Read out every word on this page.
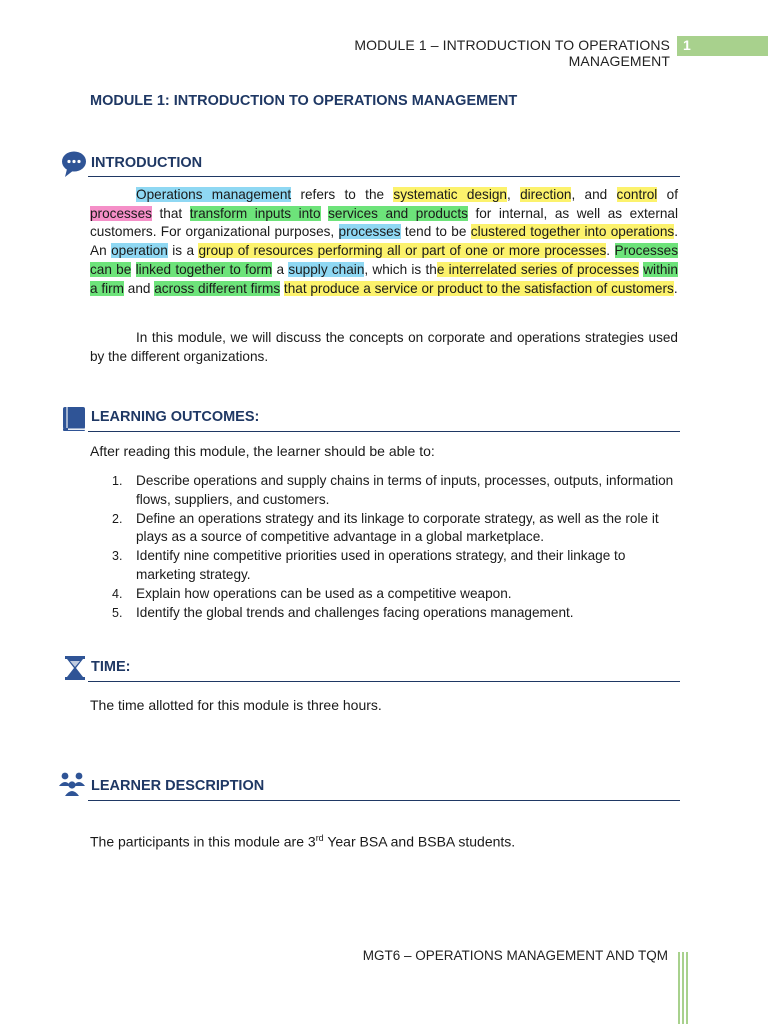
MODULE 1 – INTRODUCTION TO OPERATIONS MANAGEMENT
1
MODULE 1: INTRODUCTION TO OPERATIONS MANAGEMENT
INTRODUCTION
Operations management refers to the systematic design, direction, and control of processes that transform inputs into services and products for internal, as well as external customers. For organizational purposes, processes tend to be clustered together into operations. An operation is a group of resources performing all or part of one or more processes. Processes can be linked together to form a supply chain, which is the interrelated series of processes within a firm and across different firms that produce a service or product to the satisfaction of customers.
In this module, we will discuss the concepts on corporate and operations strategies used by the different organizations.
LEARNING OUTCOMES:
After reading this module, the learner should be able to:
1. Describe operations and supply chains in terms of inputs, processes, outputs, information flows, suppliers, and customers.
2. Define an operations strategy and its linkage to corporate strategy, as well as the role it plays as a source of competitive advantage in a global marketplace.
3. Identify nine competitive priorities used in operations strategy, and their linkage to marketing strategy.
4. Explain how operations can be used as a competitive weapon.
5. Identify the global trends and challenges facing operations management.
TIME:
The time allotted for this module is three hours.
LEARNER DESCRIPTION
The participants in this module are 3rd Year BSA and BSBA students.
MGT6 – OPERATIONS MANAGEMENT AND TQM
